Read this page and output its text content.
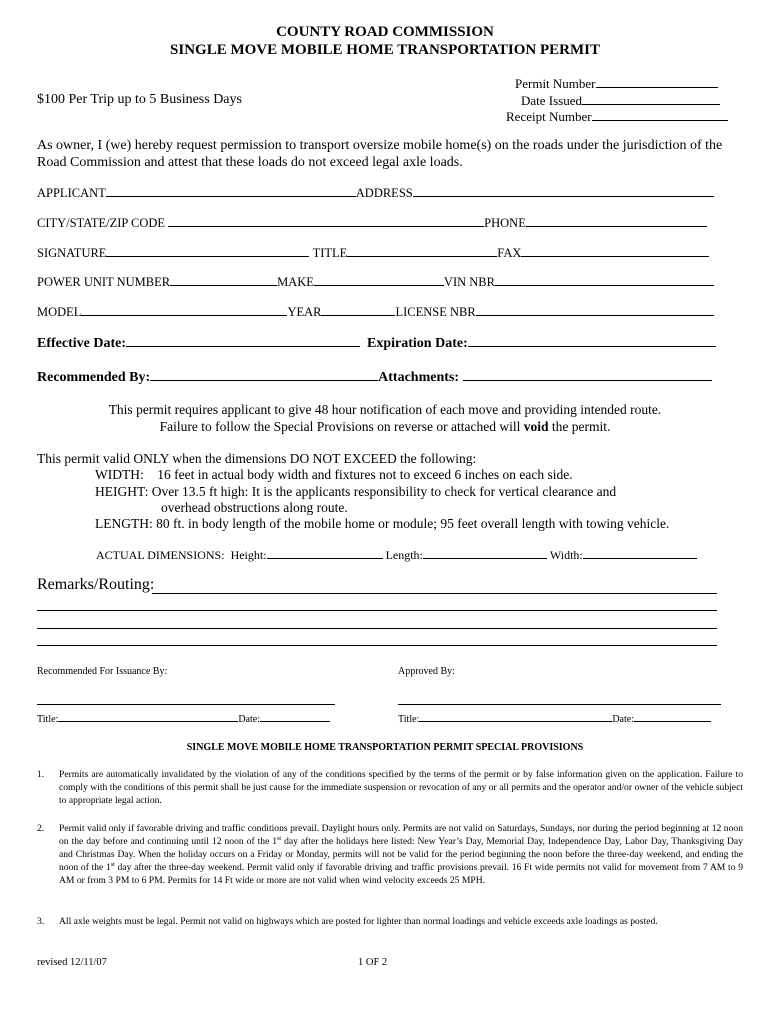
COUNTY ROAD COMMISSION
SINGLE MOVE MOBILE HOME TRANSPORTATION PERMIT
$100 Per Trip up to 5 Business Days
Permit Number
Date Issued
Receipt Number
As owner, I (we) hereby request permission to transport oversize mobile home(s) on the roads under the jurisdiction of the
Road Commission and attest that these loads do not exceed legal axle loads.
APPLICANT	ADDRESS
CITY/STATE/ZIP CODE	PHONE
SIGNATURE	TITLE	FAX
POWER UNIT NUMBER	MAKE	VIN NBR
MODEL	YEAR	LICENSE NBR
Effective Date:	Expiration Date:
Recommended By:	Attachments:
This permit requires applicant to give 48 hour notification of each move and providing intended route.
Failure to follow the Special Provisions on reverse or attached will void the permit.
This permit valid ONLY when the dimensions DO NOT EXCEED the following:
WIDTH:    16 feet in actual body width and fixtures not to exceed 6 inches on each side.
HEIGHT: Over 13.5 ft high: It is the applicants responsibility to check for vertical clearance and
overhead obstructions along route.
LENGTH: 80 ft. in body length of the mobile home or module; 95 feet overall length with towing vehicle.
ACTUAL DIMENSIONS: Height:	Length:	Width:
Remarks/Routing:
Recommended For Issuance By:	Approved By:
Title:	Date:	Title:	Date:
SINGLE MOVE MOBILE HOME TRANSPORTATION PERMIT SPECIAL PROVISIONS
1. Permits are automatically invalidated by the violation of any of the conditions specified by the terms of the permit or by false information given on the application. Failure to comply with the conditions of this permit shall be just cause for the immediate suspension or revocation of any or all permits and the operator and/or owner of the vehicle subject to appropriate legal action.
2. Permit valid only if favorable driving and traffic conditions prevail. Daylight hours only. Permits are not valid on Saturdays, Sundays, nor during the period beginning at 12 noon on the day before and continuing until 12 noon of the 1st day after the holidays here listed: New Year’s Day, Memorial Day, Independence Day, Labor Day, Thanksgiving Day and Christmas Day. When the holiday occurs on a Friday or Monday, permits will not be valid for the period beginning the noon before the three-day weekend, and ending the noon of the 1st day after the three-day weekend. Permit valid only if favorable driving and traffic provisions prevail. 16 Ft wide permits not valid for movement from 7 AM to 9 AM or from 3 PM to 6 PM. Permits for 14 Ft wide or more are not valid when wind velocity exceeds 25 MPH.
3. All axle weights must be legal. Permit not valid on highways which are posted for lighter than normal loadings and vehicle exceeds axle loadings as posted.
revised 12/11/07	1 OF 2
